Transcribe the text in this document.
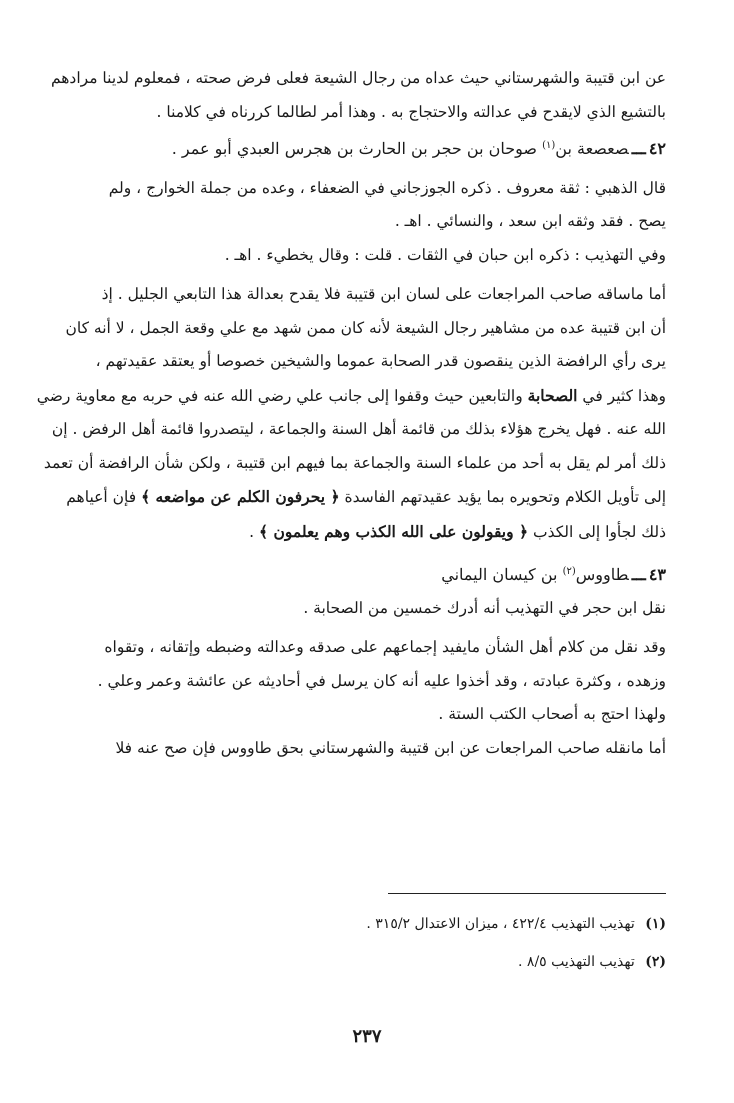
عن ابن قتيبة والشهرستاني حيث عداه من رجال الشيعة فعلى فرض صحته ، فمعلوم لدينا مرادهم

بالتشيع الذي لايقدح في عدالته والاحتجاج به . وهذا أمر لطالما كررناه في كلامنا .

٤٢ـــصعصعة بن$^{(١)}$ صوحان بن حجر بن الحارث بن هجرس العبدي أبو عمر .

قال الذهبي : ثقة معروف . ذكره الجوزجاني في الضعفاء ، وعده من جملة الخوارج ، ولم

يصح . فقد وثقه ابن سعد ، والنسائي . اهـ .

وفي التهذيب : ذكره ابن حبان في الثقات . قلت : وقال يخطيء . اهـ .

أما ماساقه صاحب المراجعات على لسان ابن قتيبة فلا يقدح بعدالة هذا التابعي الجليل . إذ

أن ابن قتيبة عده من مشاهير رجال الشيعة لأنه كان ممن شهد مع علي وقعة الجمل ، لا أنه كان

يرى رأي الرافضة الذين ينقصون قدر الصحابة عموما والشيخين خصوصا أو يعتقد عقيدتهم ،

وهذا كثير في الصحابة والتابعين حيث وقفوا إلى جانب علي رضي الله عنه في حربه مع معاوية رضي

الله عنه . فهل يخرج هؤلاء بذلك من قائمة أهل السنة والجماعة ، ليتصدروا قائمة أهل الرفض . إن

ذلك أمر لم يقل به أحد من علماء السنة والجماعة بما فيهم ابن قتيبة ، ولكن شأن الرافضة أن تعمد

إلى تأويل الكلام وتحويره بما يؤيد عقيدتهم الفاسدة ﴿ يحرفون الكلم عن مواضعه ﴾ فإن أعياهم

ذلك لجأوا إلى الكذب ﴿ ويقولون على الله الكذب وهم يعلمون ﴾ .

٤٣ـــطاووس$^{(٢)}$ بن كيسان اليماني

نقل ابن حجر في التهذيب أنه أدرك خمسين من الصحابة .

وقد نقل من كلام أهل الشأن مايفيد إجماعهم على صدقه وعدالته وضبطه وإتقانه ، وتقواه

وزهده ، وكثرة عبادته ، وقد أخذوا عليه أنه كان يرسل في أحاديثه عن عائشة وعمر وعلي .

ولهذا احتج به أصحاب الكتب الستة .

أما مانقله صاحب المراجعات عن ابن قتيبة والشهرستاني بحق طاووس فإن صح عنه فلا

(١) تهذيب التهذيب ٤٢٢/٤ ، ميزان الاعتدال ٣١٥/٢ .
(٢) تهذيب التهذيب ٨/٥ .
٢٣٧
